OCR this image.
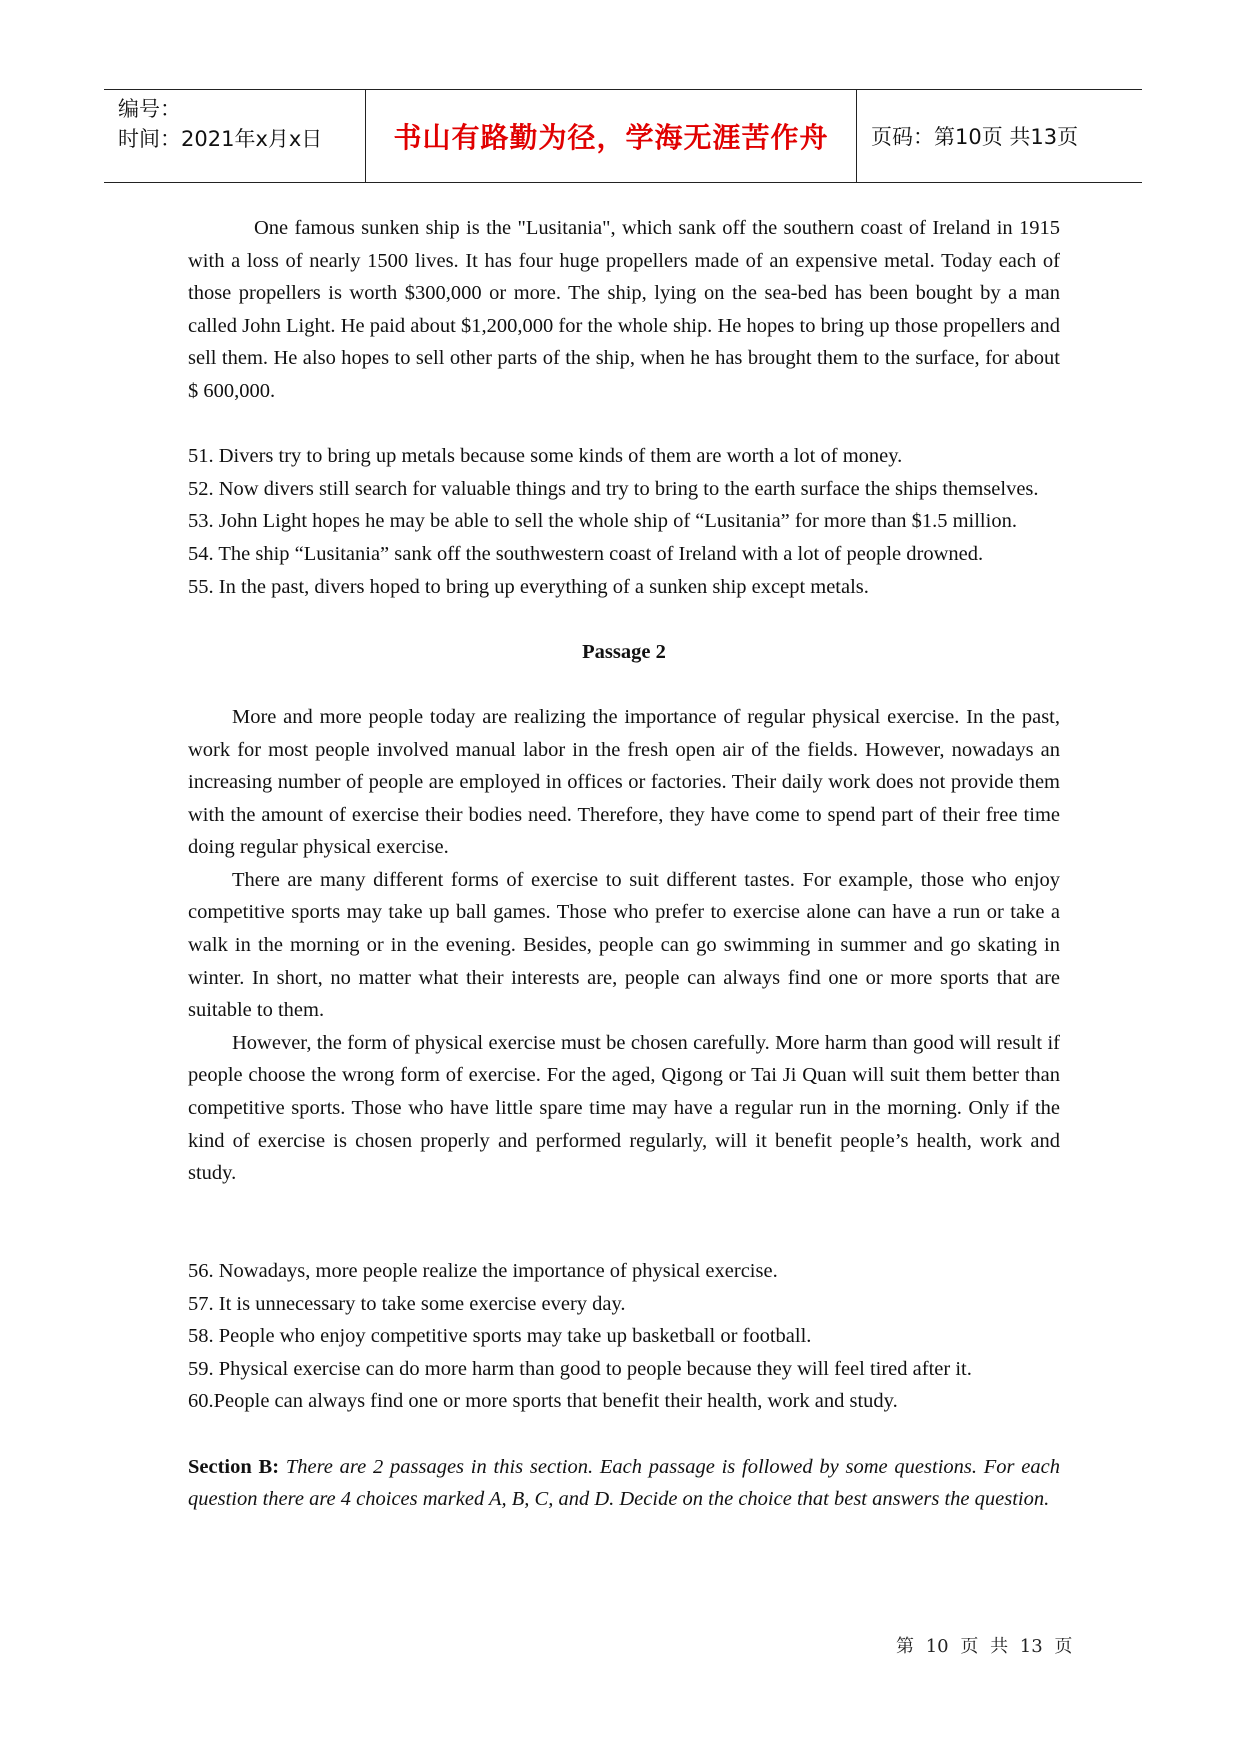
编号：
时间：2021年x月x日	书山有路勤为径，学海无涯苦作舟	页码：第10页 共13页

One famous sunken ship is the "Lusitania", which sank off the southern coast of Ireland in 1915 with a loss of nearly 1500 lives. It has four huge propellers made of an expensive metal. Today each of those propellers is worth $300,000 or more. The ship, lying on the sea-bed has been bought by a man called John Light. He paid about $1,200,000 for the whole ship. He hopes to bring up those propellers and sell them. He also hopes to sell other parts of the ship, when he has brought them to the surface, for about $ 600,000.

51. Divers try to bring up metals because some kinds of them are worth a lot of money.

52. Now divers still search for valuable things and try to bring to the earth surface the ships themselves.

53. John Light hopes he may be able to sell the whole ship of “Lusitania” for more than $1.5 million.

54. The ship “Lusitania” sank off the southwestern coast of Ireland with a lot of people drowned.

55. In the past, divers hoped to bring up everything of a sunken ship except metals.

Passage 2

More and more people today are realizing the importance of regular physical exercise. In the past, work for most people involved manual labor in the fresh open air of the fields. However, nowadays an increasing number of people are employed in offices or factories. Their daily work does not provide them with the amount of exercise their bodies need. Therefore, they have come to spend part of their free time doing regular physical exercise.

There are many different forms of exercise to suit different tastes. For example, those who enjoy competitive sports may take up ball games. Those who prefer to exercise alone can have a run or take a walk in the morning or in the evening. Besides, people can go swimming in summer and go skating in winter. In short, no matter what their interests are, people can always find one or more sports that are suitable to them.

However, the form of physical exercise must be chosen carefully. More harm than good will result if people choose the wrong form of exercise. For the aged, Qigong or Tai Ji Quan will suit them better than competitive sports. Those who have little spare time may have a regular run in the morning. Only if the kind of exercise is chosen properly and performed regularly, will it benefit people’s health, work and study.

56. Nowadays, more people realize the importance of physical exercise.

57. It is unnecessary to take some exercise every day.

58. People who enjoy competitive sports may take up basketball or football.

59. Physical exercise can do more harm than good to people because they will feel tired after it.

60.People can always find one or more sports that benefit their health, work and study.

Section B: There are 2 passages in this section. Each passage is followed by some questions. For each question there are 4 choices marked A, B, C, and D. Decide on the choice that best answers the question.

第 10 页 共 13 页
